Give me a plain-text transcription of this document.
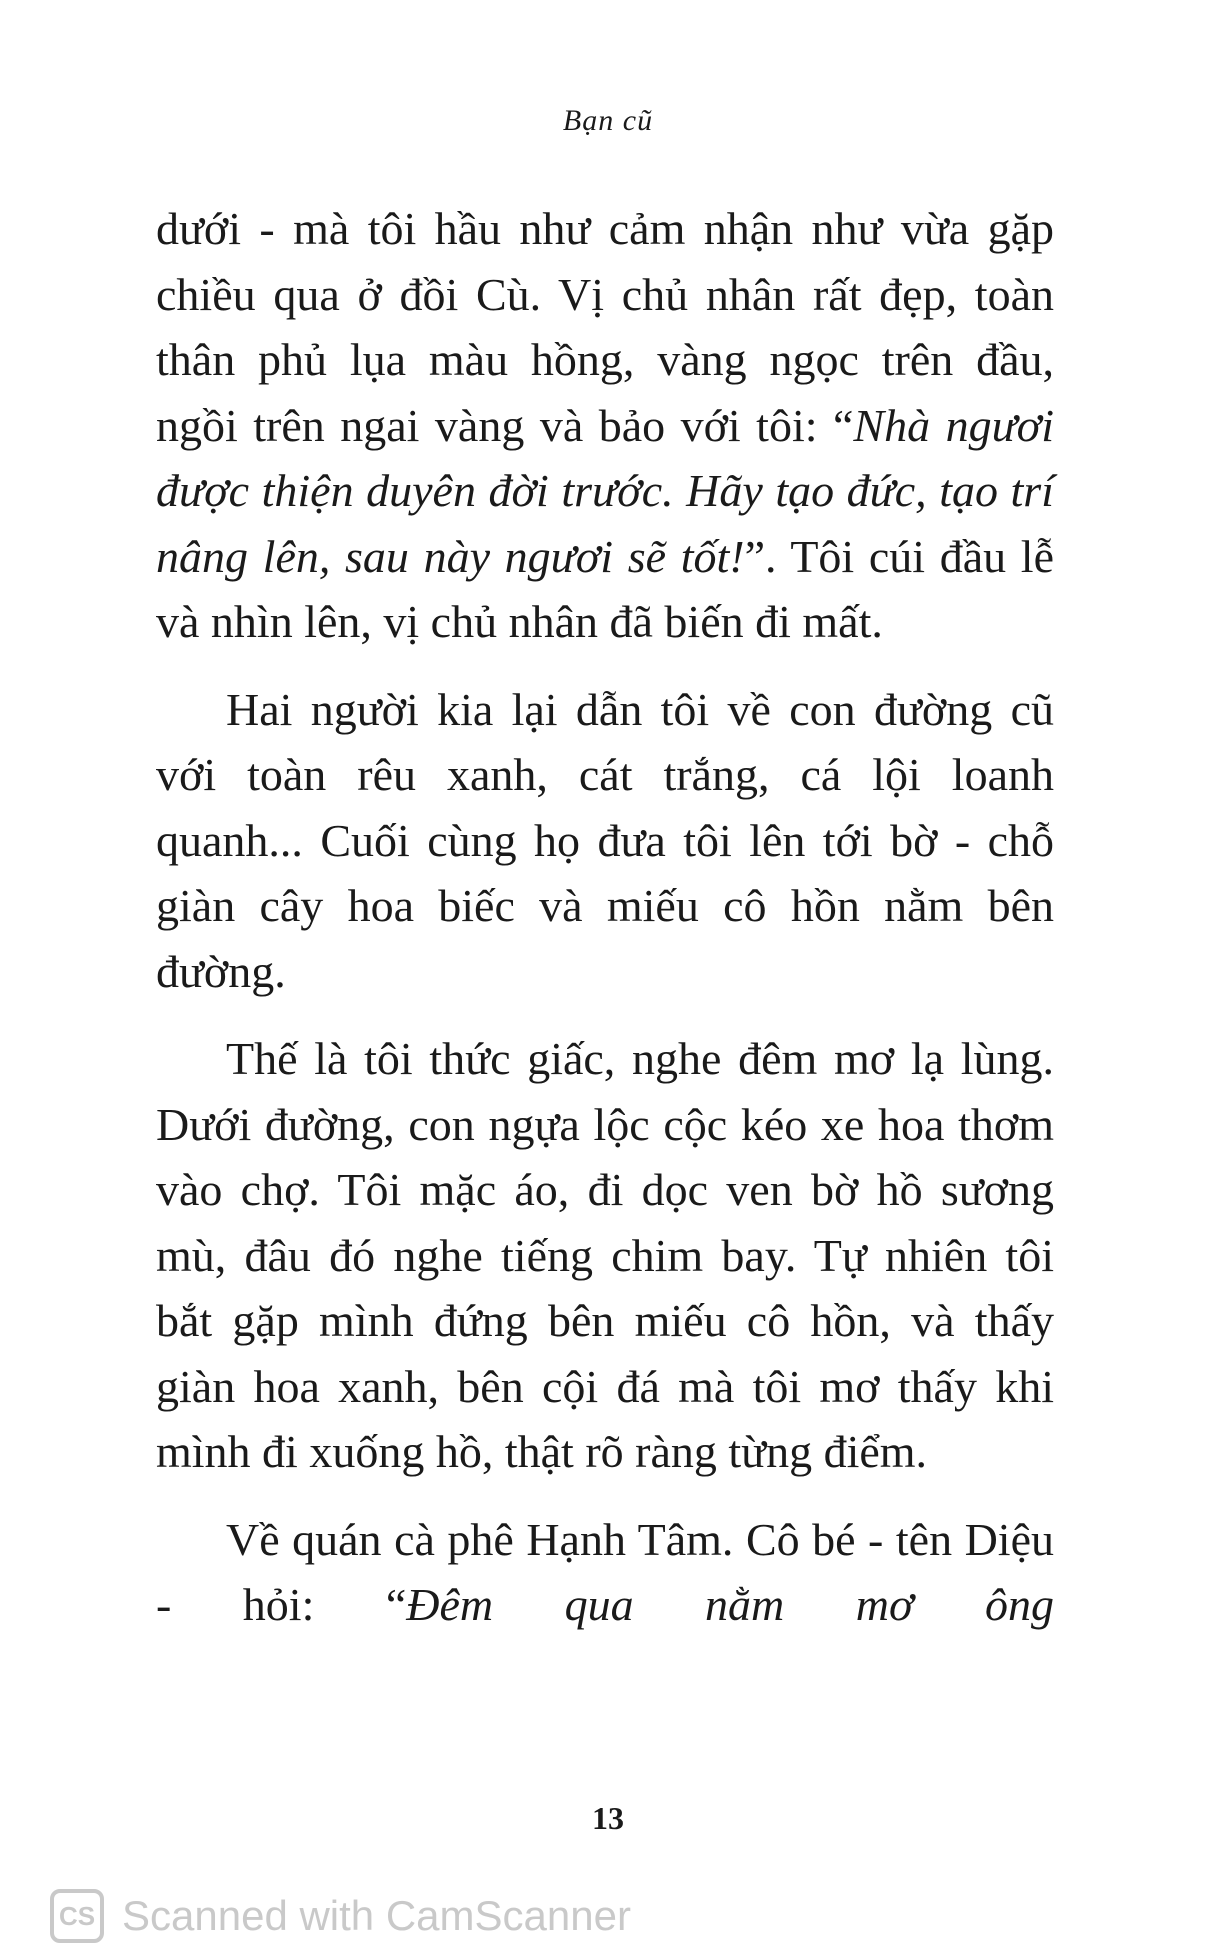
Bạn cũ

dưới - mà tôi hầu như cảm nhận như vừa gặp chiều qua ở đồi Cù. Vị chủ nhân rất đẹp, toàn thân phủ lụa màu hồng, vàng ngọc trên đầu, ngồi trên ngai vàng và bảo với tôi: “Nhà ngươi được thiện duyên đời trước. Hãy tạo đức, tạo trí nâng lên, sau này ngươi sẽ tốt!”. Tôi cúi đầu lễ và nhìn lên, vị chủ nhân đã biến đi mất.

Hai người kia lại dẫn tôi về con đường cũ với toàn rêu xanh, cát trắng, cá lội loanh quanh... Cuối cùng họ đưa tôi lên tới bờ - chỗ giàn cây hoa biếc và miếu cô hồn nằm bên đường.

Thế là tôi thức giấc, nghe đêm mơ lạ lùng. Dưới đường, con ngựa lộc cộc kéo xe hoa thơm vào chợ. Tôi mặc áo, đi dọc ven bờ hồ sương mù, đâu đó nghe tiếng chim bay. Tự nhiên tôi bắt gặp mình đứng bên miếu cô hồn, và thấy giàn hoa xanh, bên cội đá mà tôi mơ thấy khi mình đi xuống hồ, thật rõ ràng từng điểm.

Về quán cà phê Hạnh Tâm. Cô bé - tên Diệu - hỏi: “Đêm qua nằm mơ ông

13
CS Scanned with CamScanner
